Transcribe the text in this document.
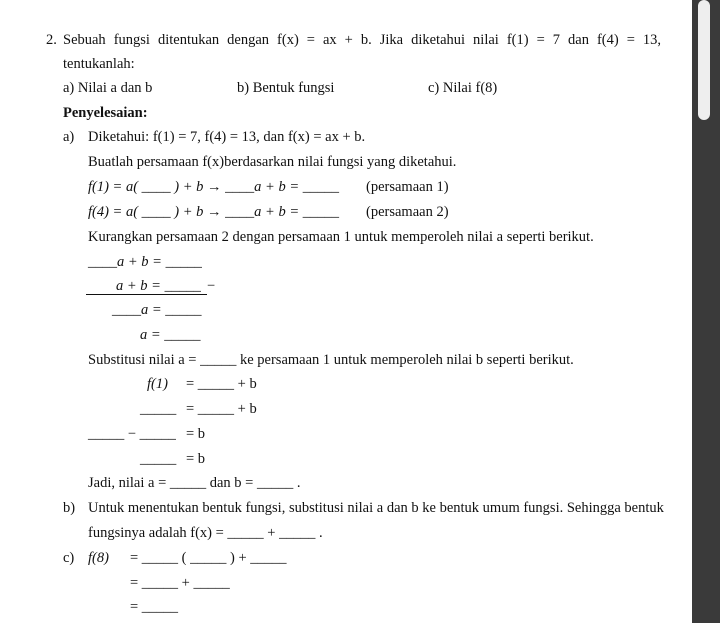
2. Sebuah fungsi ditentukan dengan f(x) = ax + b. Jika diketahui nilai f(1) = 7 dan f(4) = 13,
tentukanlah:
a) Nilai a dan b	b) Bentuk fungsi	c) Nilai f(8)
Penyelesaian:
a) Diketahui: f(1) = 7, f(4) = 13, dan f(x) = ax + b.
Buatlah persamaan f(x)berdasarkan nilai fungsi yang diketahui.
f(1) = a( ____ ) + b → ____a + b = _____ (persamaan 1)
f(4) = a( ____ ) + b → ____a + b = _____ (persamaan 2)
Kurangkan persamaan 2 dengan persamaan 1 untuk memperoleh nilai a seperti berikut.
____a + b = _____
a + b = _____ −
____a = _____
a = _____
Substitusi nilai a = _____ ke persamaan 1 untuk memperoleh nilai b seperti berikut.
f(1) = _____ + b
_____ = _____ + b
_____ − _____ = b
_____ = b
Jadi, nilai a = _____ dan b = _____ .
b) Untuk menentukan bentuk fungsi, substitusi nilai a dan b ke bentuk umum fungsi. Sehingga bentuk
fungsinya adalah f(x) = _____ + _____ .
c) f(8) = _____ ( _____ ) + _____
= _____ + _____
= _____
